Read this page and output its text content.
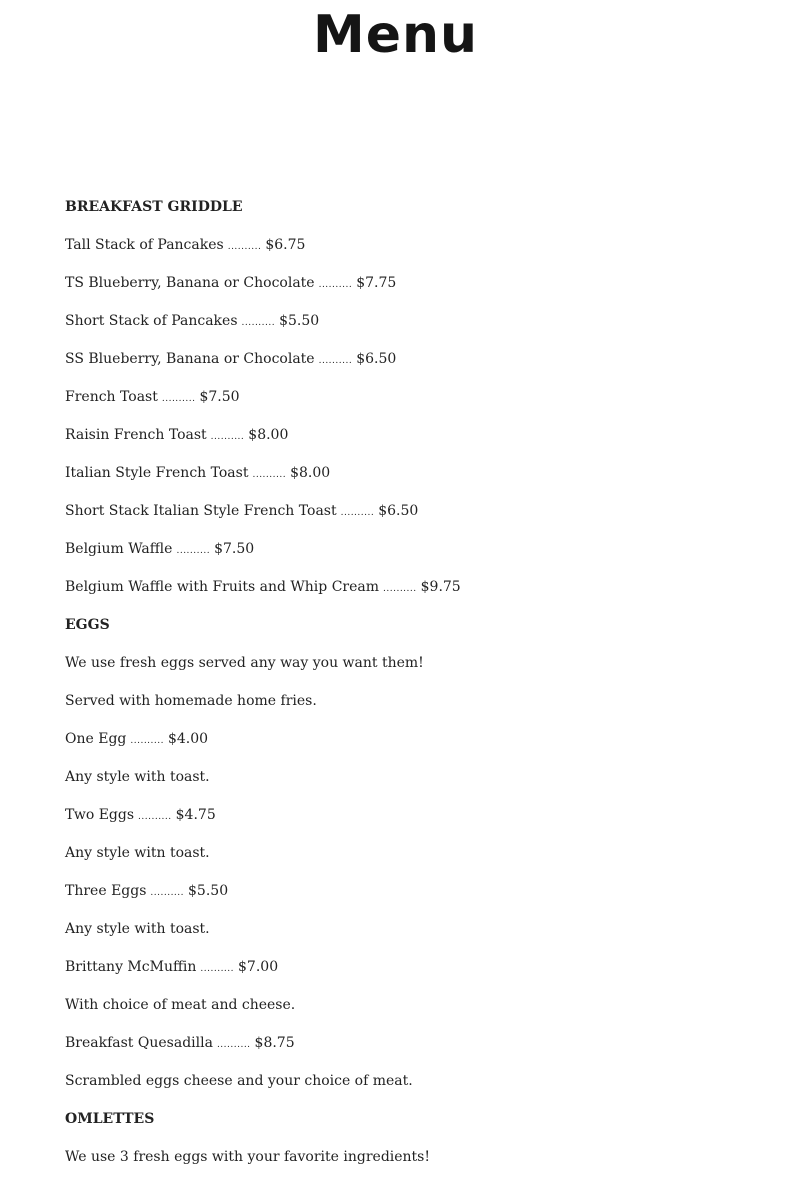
Menu
BREAKFAST GRIDDLE
Tall Stack of Pancakes .......... $6.75
TS Blueberry, Banana or Chocolate .......... $7.75
Short Stack of Pancakes .......... $5.50
SS Blueberry, Banana or Chocolate .......... $6.50
French Toast .......... $7.50
Raisin French Toast .......... $8.00
Italian Style French Toast .......... $8.00
Short Stack Italian Style French Toast .......... $6.50
Belgium Waffle .......... $7.50
Belgium Waffle with Fruits and Whip Cream .......... $9.75
EGGS
We use fresh eggs served any way you want them!
Served with homemade home fries.
One Egg .......... $4.00
Any style with toast.
Two Eggs .......... $4.75
Any style witn toast.
Three Eggs .......... $5.50
Any style with toast.
Brittany McMuffin .......... $7.00
With choice of meat and cheese.
Breakfast Quesadilla .......... $8.75
Scrambled eggs cheese and your choice of meat.
OMLETTES
We use 3 fresh eggs with your favorite ingredients!
